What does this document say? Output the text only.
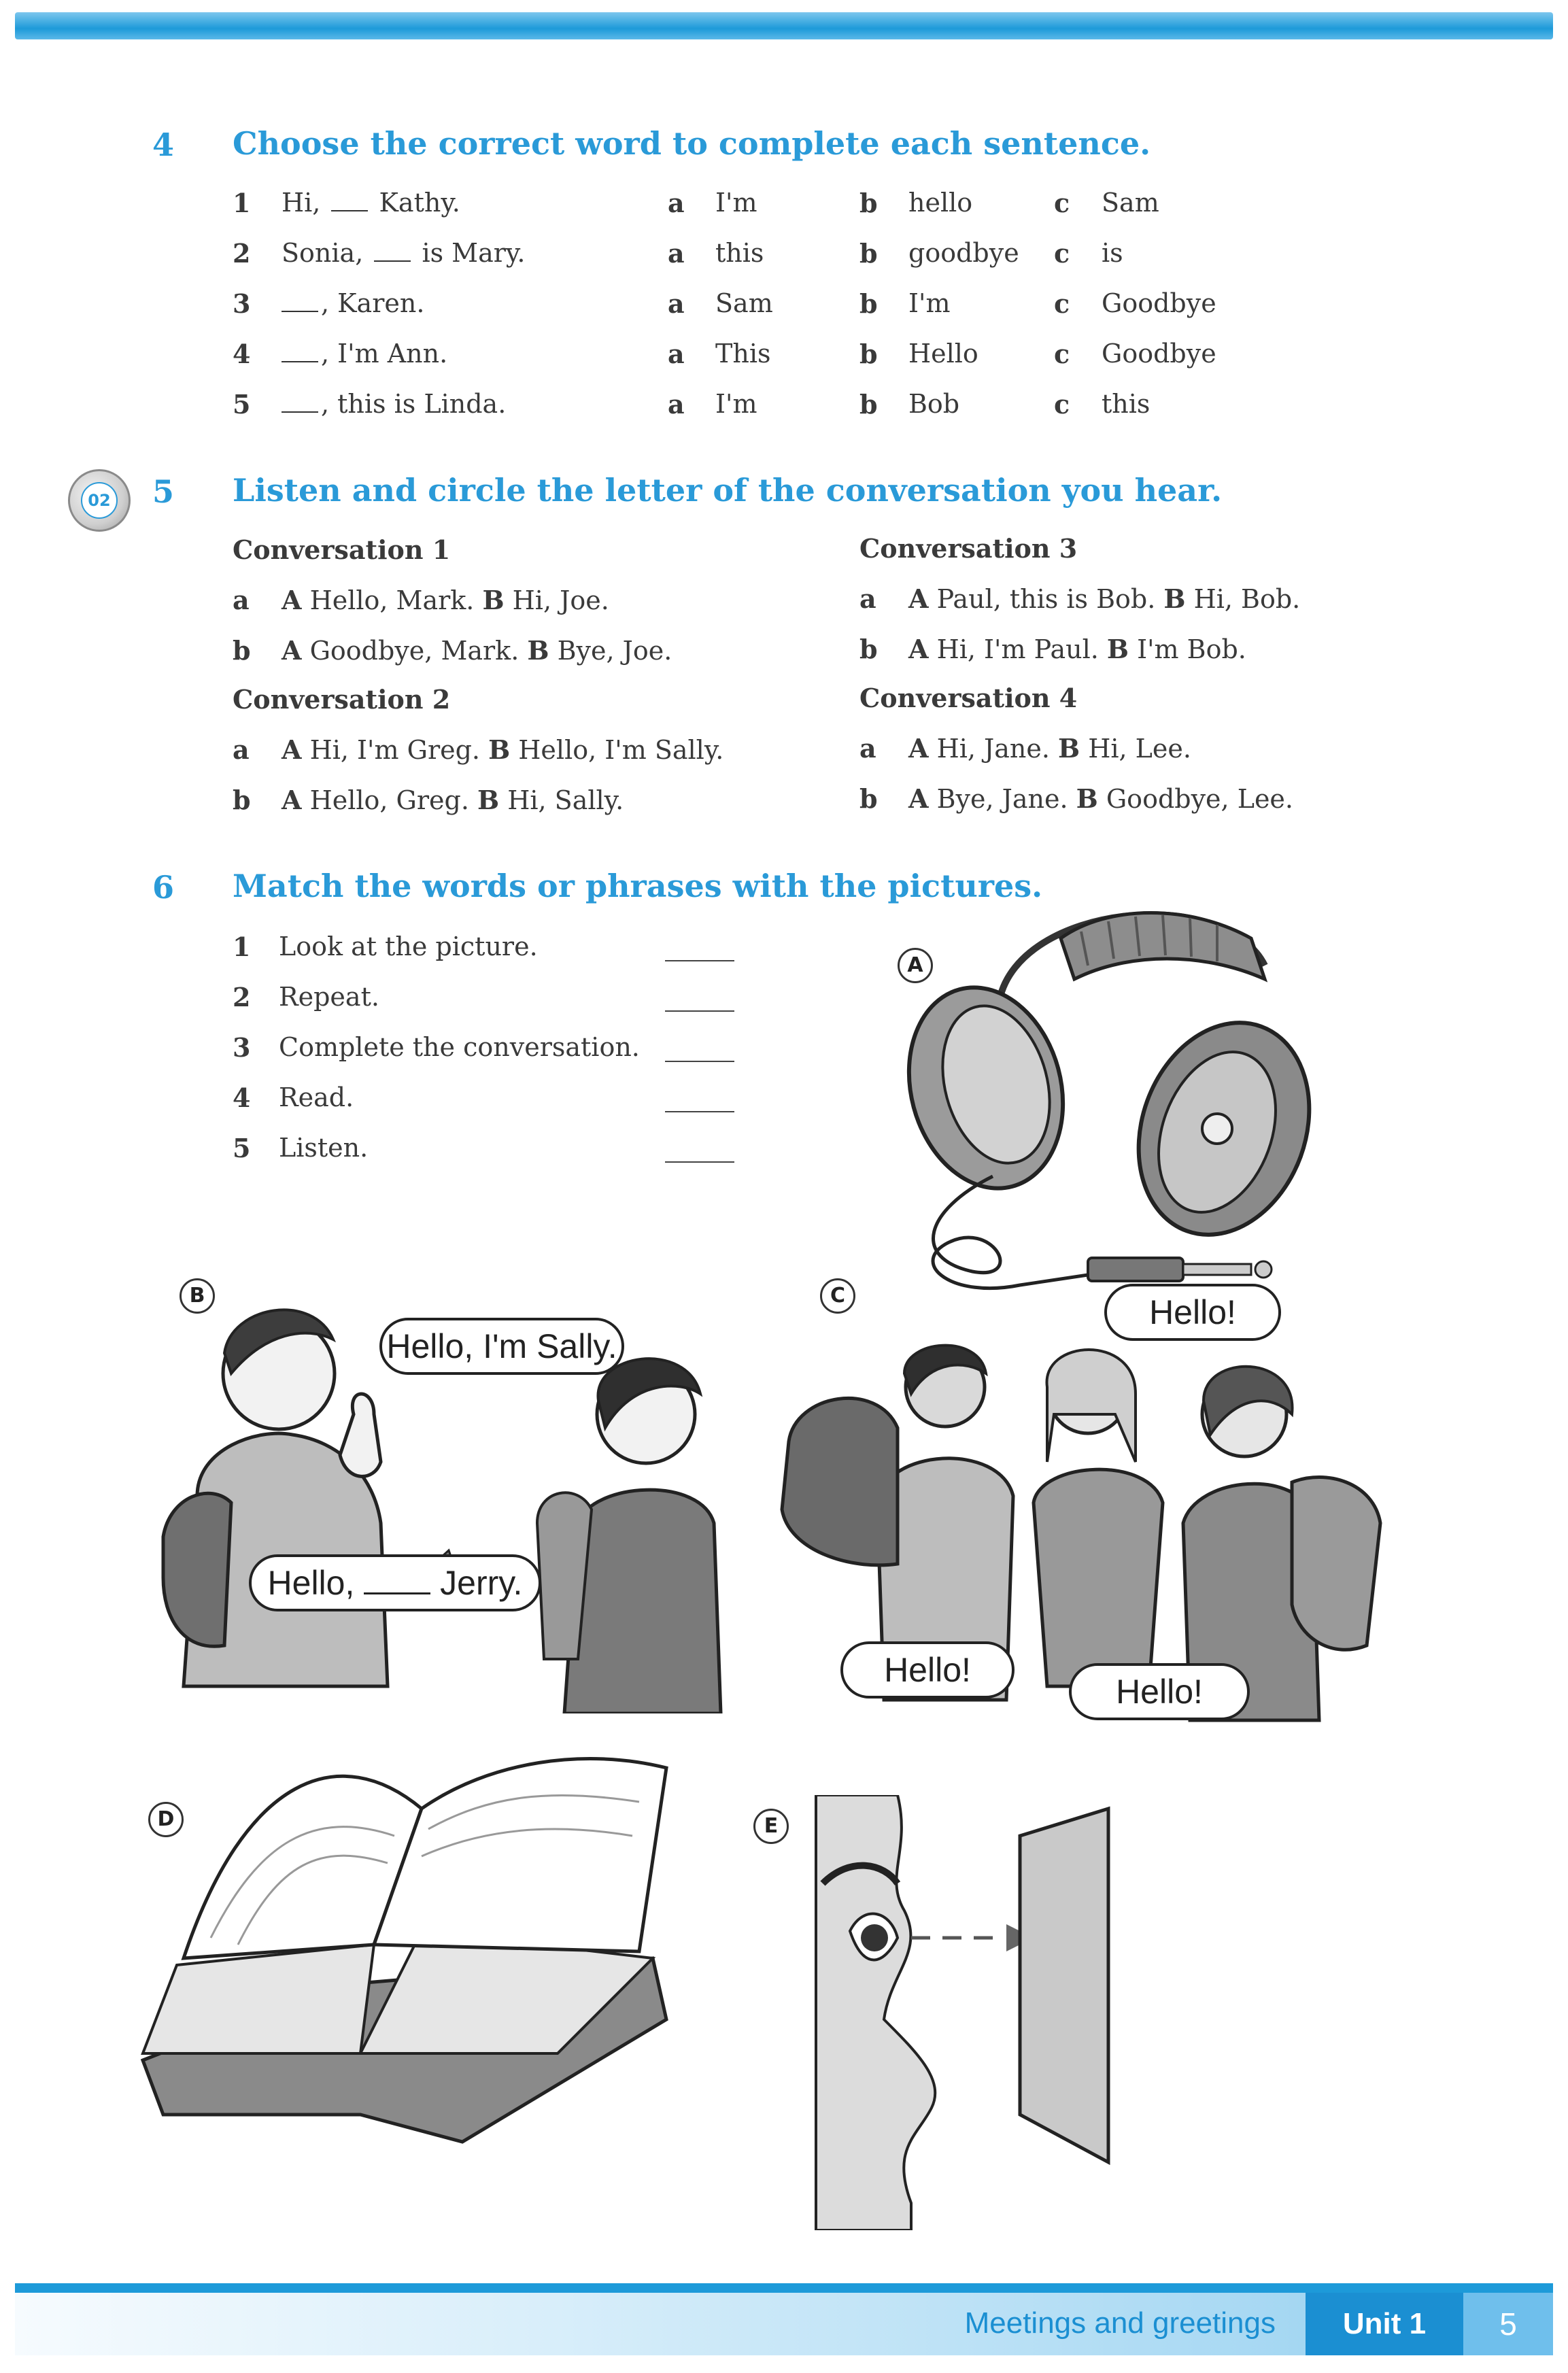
4 Choose the correct word to complete each sentence.
1 Hi,  Kathy.	a I'm	b hello	c Sam
2 Sonia,  is Mary.	a this	b goodbye c is
3	, Karen.	a Sam	b I'm	c Goodbye
4	, I'm Ann.	a This	b Hello	c Goodbye
5	, this is Linda.	a I'm	b Bob	c this
02 5 Listen and circle the letter of the conversation you hear.
Conversation 1
a A Hello, Mark. B Hi, Joe.
b A Goodbye, Mark. B Bye, Joe.
Conversation 2
a A Hi, I'm Greg. B Hello, I'm Sally.
b A Hello, Greg. B Hi, Sally.
Conversation 3
a A Paul, this is Bob. B Hi, Bob.
b A Hi, I'm Paul. B I'm Bob.
Conversation 4
a A Hi, Jane. B Hi, Lee.
b A Bye, Jane. B Goodbye, Lee.
6 Match the words or phrases with the pictures.
1 Look at the picture.
2 Repeat.
3 Complete the conversation.
4 Read.
5 Listen.
A
B
Hello, I'm Sally.
Hello,  Jerry.
C	Hello!
Hello!
Hello!
D	E
Meetings and greetings	Unit 1	5
